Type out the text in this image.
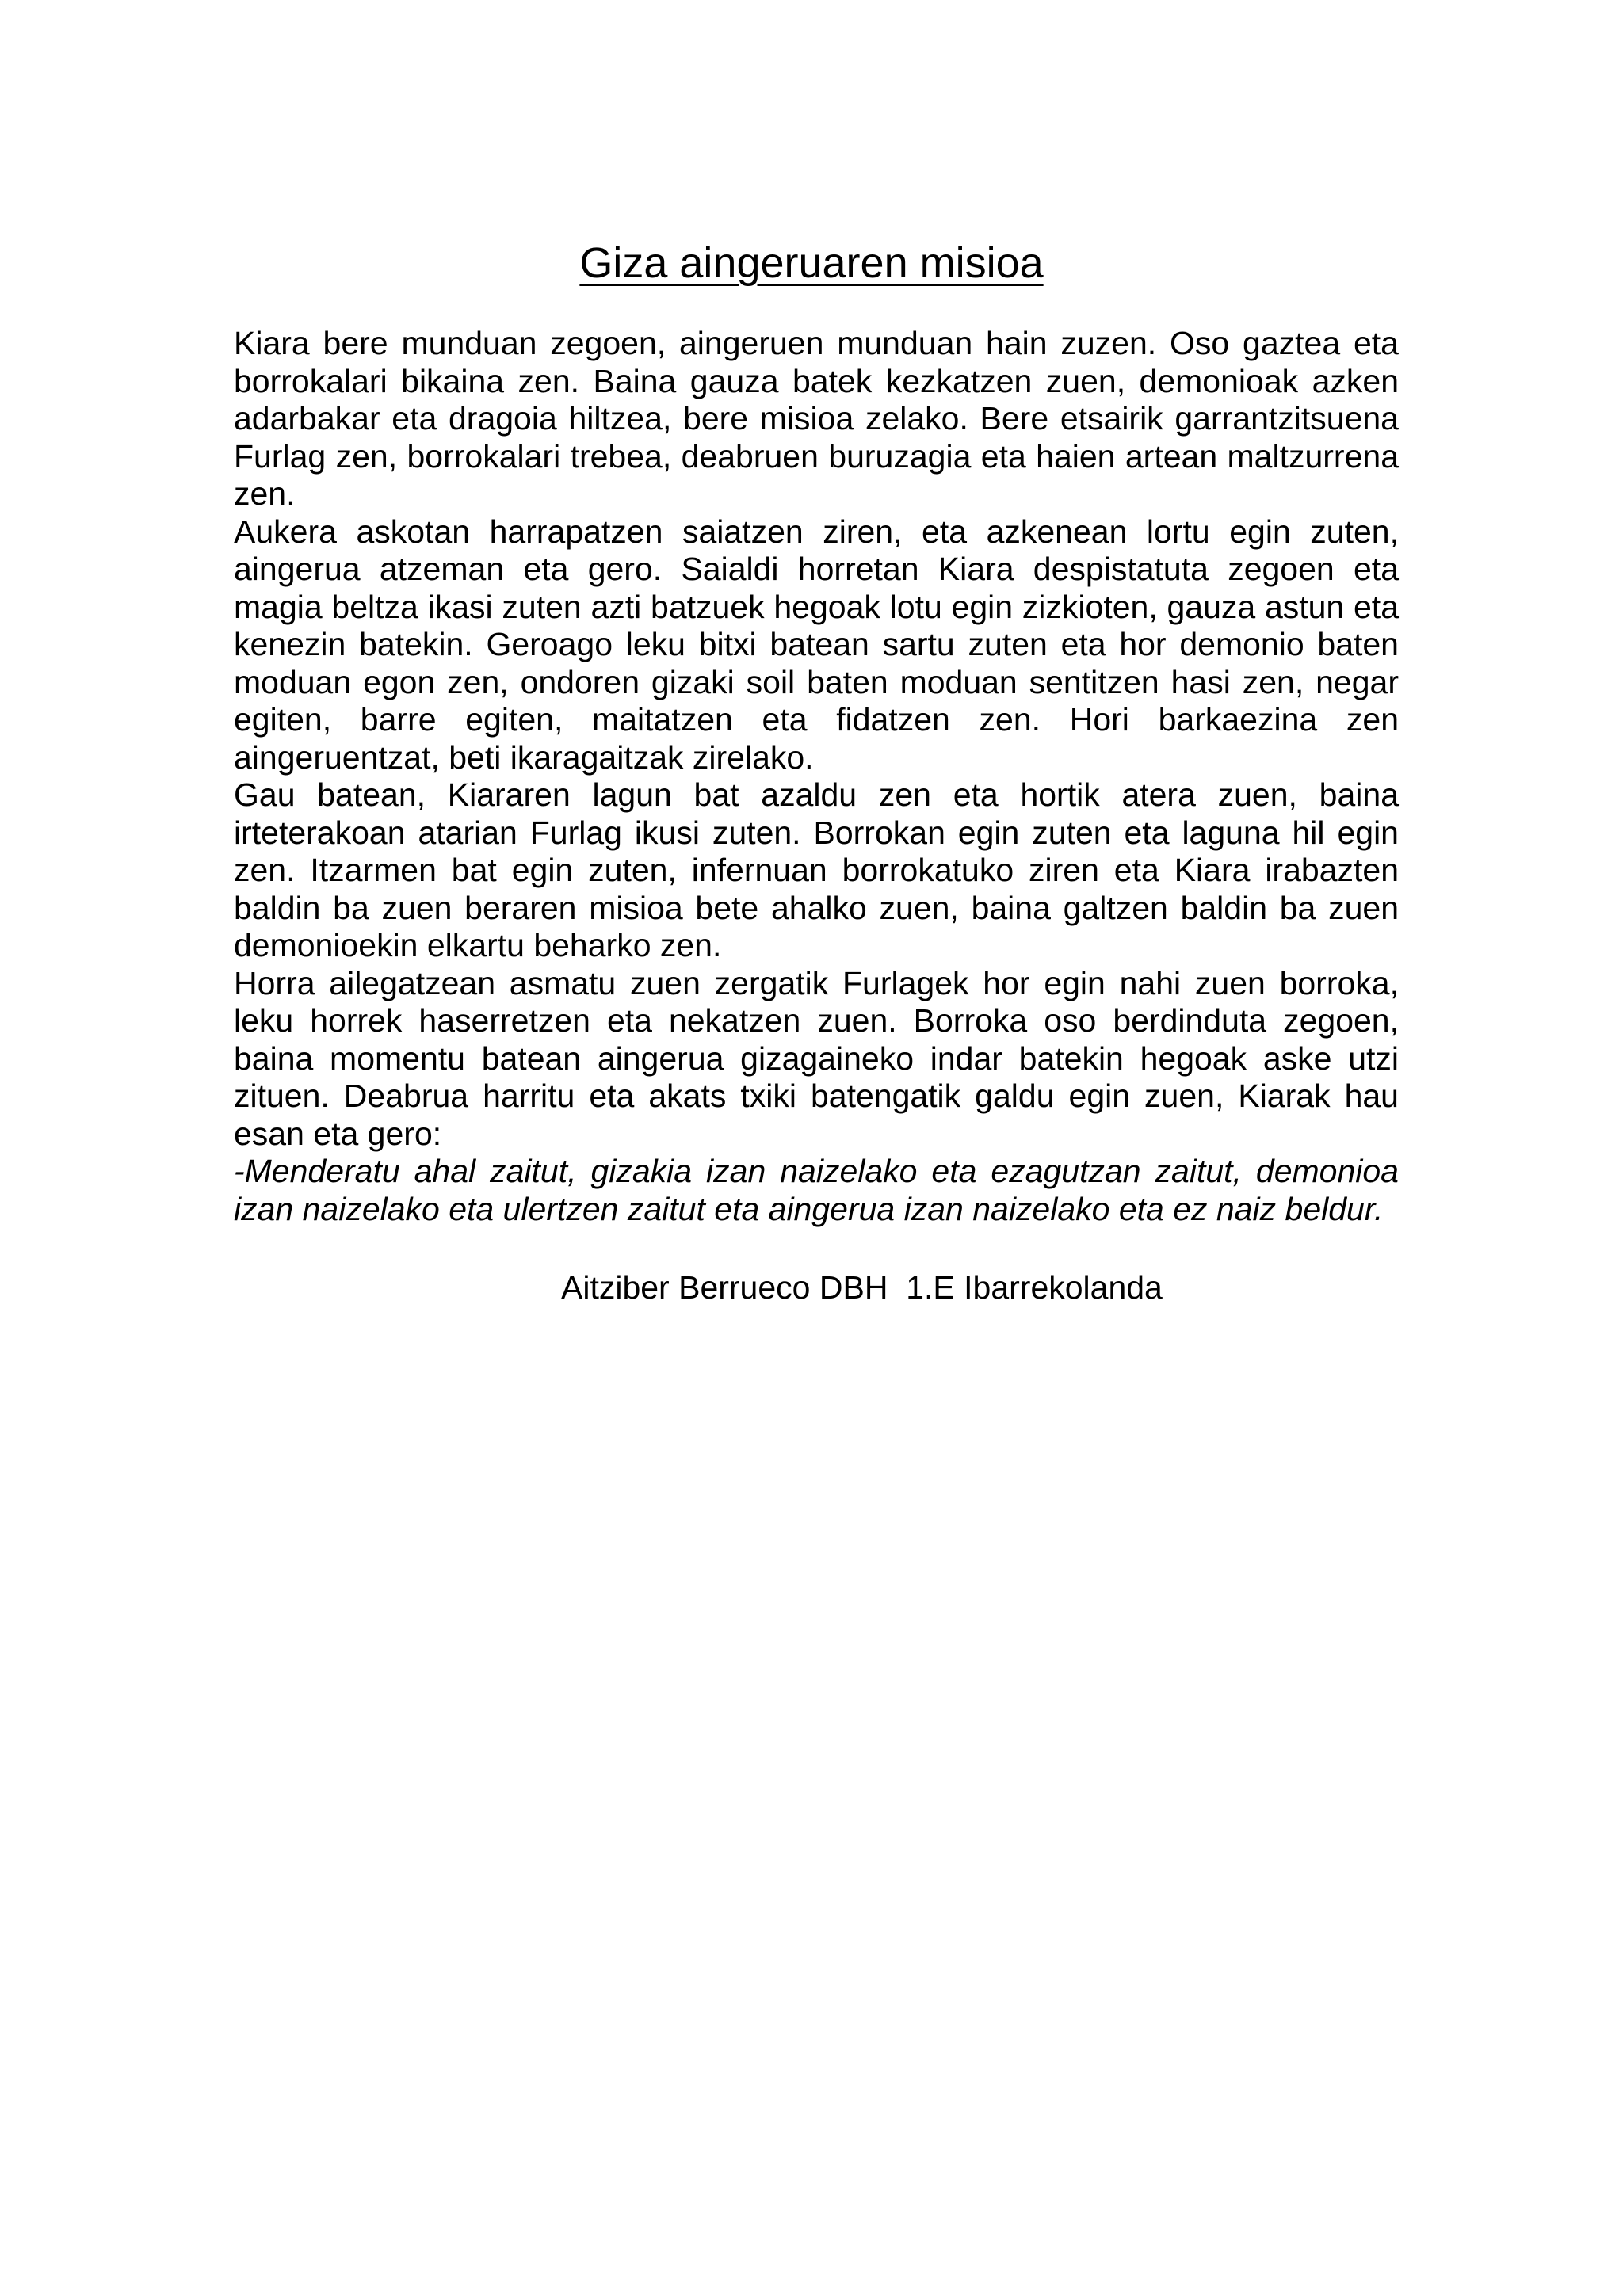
Giza aingeruaren misioa

Kiara bere munduan zegoen, aingeruen munduan hain zuzen. Oso gaztea eta borrokalari bikaina zen. Baina gauza batek kezkatzen zuen, demonioak azken adarbakar eta dragoia hiltzea, bere misioa zelako. Bere etsairik garrantzitsuena Furlag zen, borrokalari trebea, deabruen buruzagia eta haien artean maltzurrena zen.

Aukera askotan harrapatzen saiatzen ziren, eta azkenean lortu egin zuten, aingerua atzeman eta gero. Saialdi horretan Kiara despistatuta zegoen eta magia beltza ikasi zuten azti batzuek hegoak lotu egin zizkioten, gauza astun eta kenezin batekin. Geroago leku bitxi batean sartu zuten eta hor demonio baten moduan egon zen, ondoren gizaki soil baten moduan sentitzen hasi zen, negar egiten, barre egiten, maitatzen eta fidatzen zen. Hori barkaezina zen aingeruentzat, beti ikaragaitzak zirelako.

Gau batean, Kiararen lagun bat azaldu zen eta hortik atera zuen, baina irteterakoan atarian Furlag ikusi zuten. Borrokan egin zuten eta laguna hil egin zen. Itzarmen bat egin zuten, infernuan borrokatuko ziren eta Kiara irabazten baldin ba zuen beraren misioa bete ahalko zuen, baina galtzen baldin ba zuen demonioekin elkartu beharko zen.

Horra ailegatzean asmatu zuen zergatik Furlagek hor egin nahi zuen borroka, leku horrek haserretzen eta nekatzen zuen. Borroka oso berdinduta zegoen, baina momentu batean aingerua gizagaineko indar batekin hegoak aske utzi zituen. Deabrua harritu eta akats txiki batengatik galdu egin zuen, Kiarak hau esan eta gero:

-Menderatu ahal zaitut, gizakia izan naizelako eta ezagutzan zaitut, demonioa izan naizelako eta ulertzen zaitut eta aingerua izan naizelako eta ez naiz beldur.

Aitziber Berrueco DBH  1.E Ibarrekolanda
